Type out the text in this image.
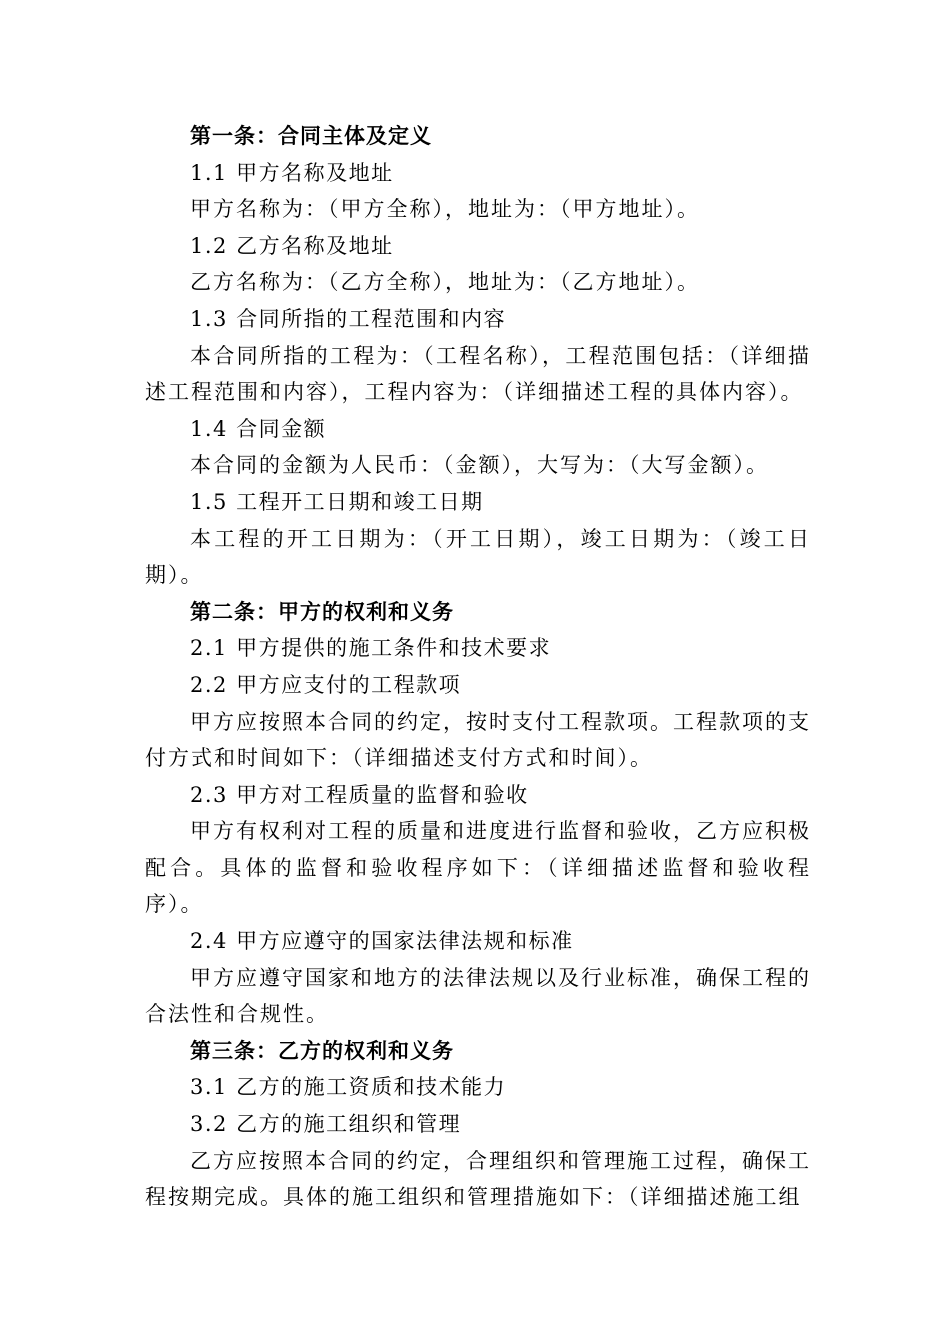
第一条：合同主体及定义

1.1 甲方名称及地址

甲方名称为：（甲方全称），地址为：（甲方地址）。

1.2 乙方名称及地址

乙方名称为：（乙方全称），地址为：（乙方地址）。

1.3 合同所指的工程范围和内容

本合同所指的工程为：（工程名称），工程范围包括：（详细描述工程范围和内容），工程内容为：（详细描述工程的具体内容）。

1.4 合同金额

本合同的金额为人民币：（金额），大写为：（大写金额）。

1.5 工程开工日期和竣工日期

本工程的开工日期为：（开工日期），竣工日期为：（竣工日期）。

第二条：甲方的权利和义务

2.1 甲方提供的施工条件和技术要求

2.2 甲方应支付的工程款项

甲方应按照本合同的约定，按时支付工程款项。工程款项的支付方式和时间如下：（详细描述支付方式和时间）。

2.3 甲方对工程质量的监督和验收

甲方有权利对工程的质量和进度进行监督和验收，乙方应积极配合。具体的监督和验收程序如下：（详细描述监督和验收程序）。

2.4 甲方应遵守的国家法律法规和标准

甲方应遵守国家和地方的法律法规以及行业标准，确保工程的合法性和合规性。

第三条：乙方的权利和义务

3.1 乙方的施工资质和技术能力

3.2 乙方的施工组织和管理

乙方应按照本合同的约定，合理组织和管理施工过程，确保工程按期完成。具体的施工组织和管理措施如下：（详细描述施工组
